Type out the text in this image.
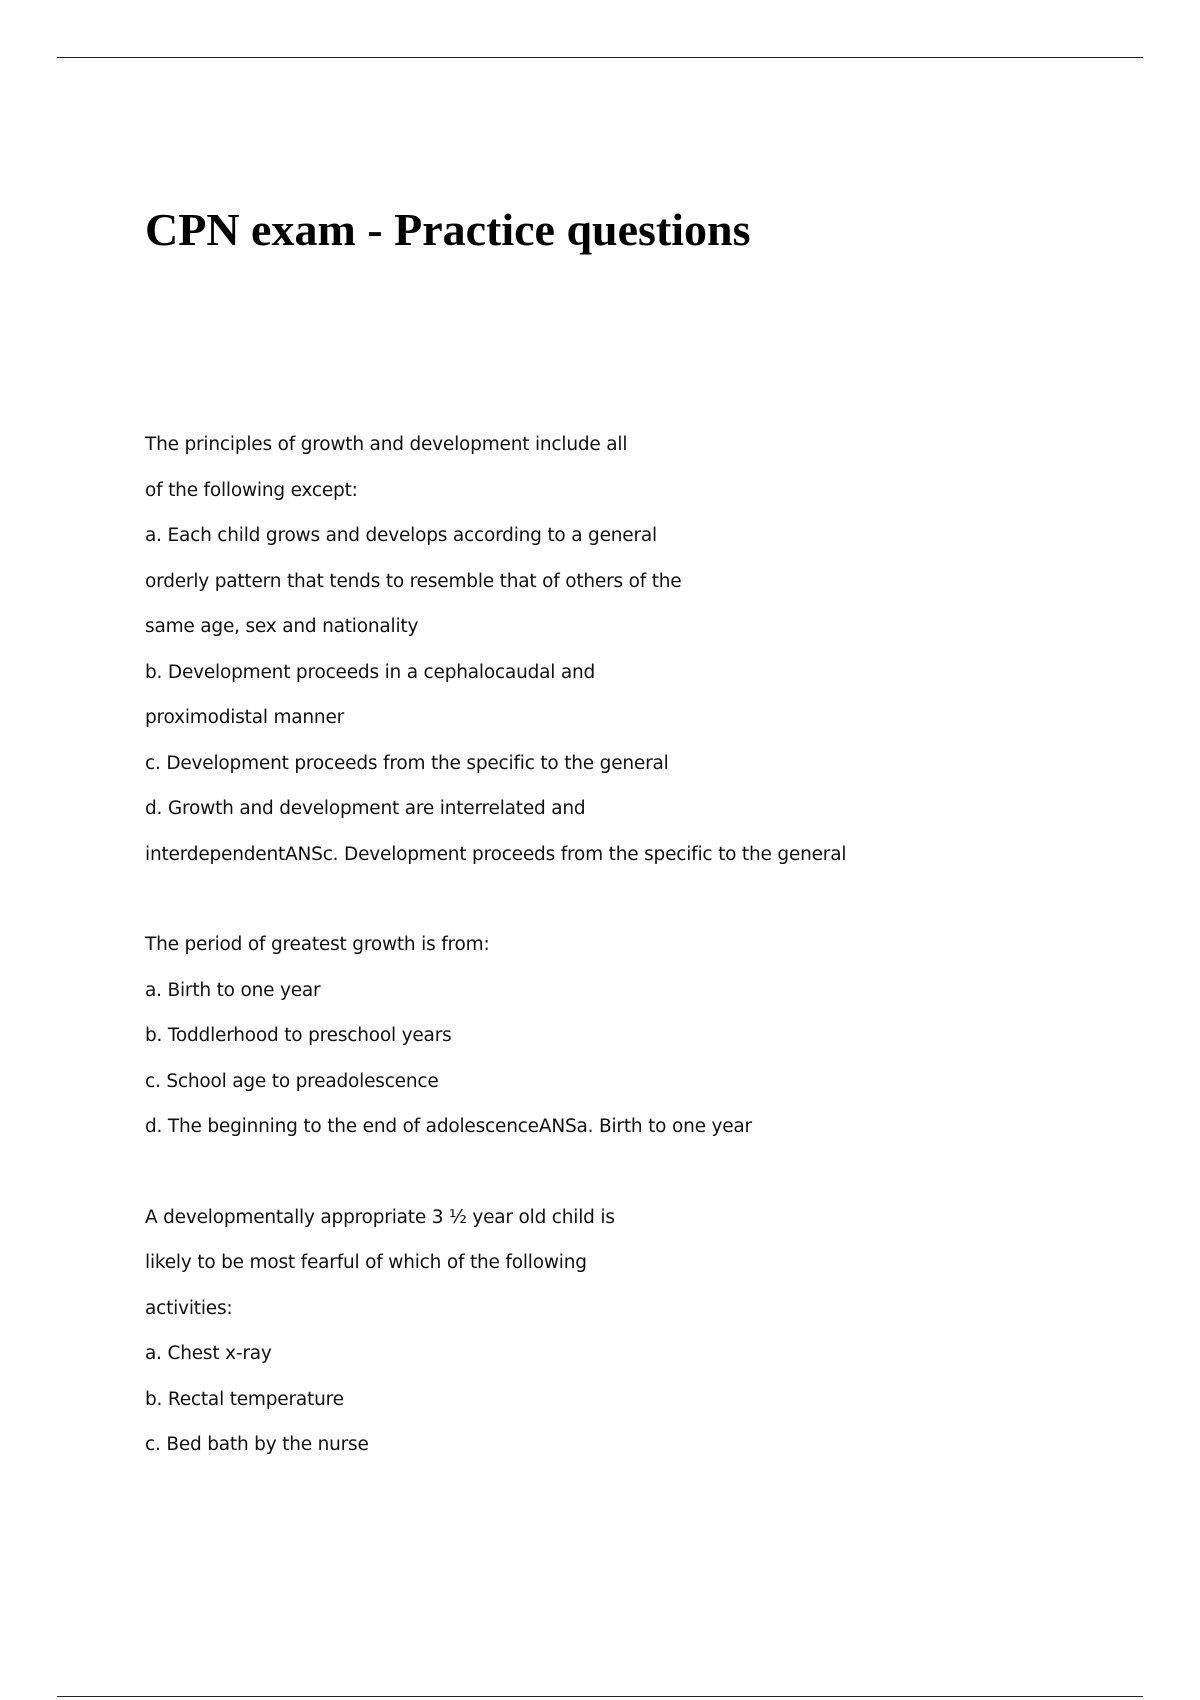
CPN exam - Practice questions
The principles of growth and development include all
of the following except:
a. Each child grows and develops according to a general
orderly pattern that tends to resemble that of others of the
same age, sex and nationality
b. Development proceeds in a cephalocaudal and
proximodistal manner
c. Development proceeds from the specific to the general
d. Growth and development are interrelated and
interdependentANSc. Development proceeds from the specific to the general
The period of greatest growth is from:
a. Birth to one year
b. Toddlerhood to preschool years
c. School age to preadolescence
d. The beginning to the end of adolescenceANSa. Birth to one year
A developmentally appropriate 3 ½ year old child is
likely to be most fearful of which of the following
activities:
a. Chest x-ray
b. Rectal temperature
c. Bed bath by the nurse
